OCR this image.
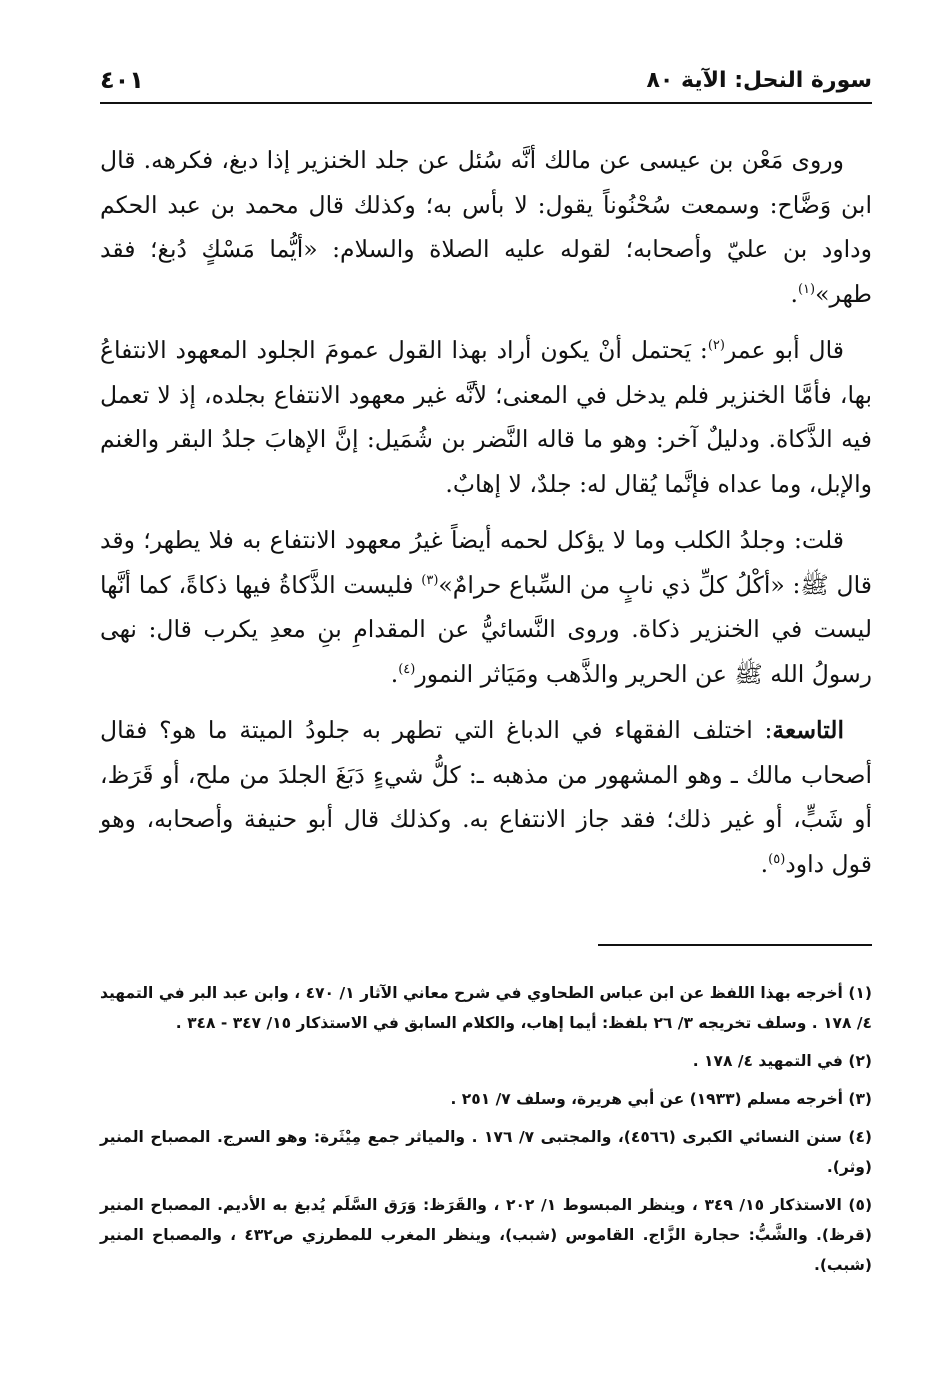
سورة النحل: الآية ٨٠
٤٠١

وروى مَعْن بن عيسى عن مالك أنَّه سُئل عن جلد الخنزير إذا دبغ، فكرهه. قال ابن وَضَّاح: وسمعت سُحْنُوناً يقول: لا بأس به؛ وكذلك قال محمد بن عبد الحكم وداود بن عليّ وأصحابه؛ لقوله عليه الصلاة والسلام: «أيُّما مَسْكٍ دُبغ؛ فقد طهر»$^{(١)}$.

قال أبو عمر$^{(٢)}$: يَحتمل أنْ يكون أراد بهذا القول عمومَ الجلود المعهود الانتفاعُ بها، فأمَّا الخنزير فلم يدخل في المعنى؛ لأنَّه غير معهود الانتفاع بجلده، إذ لا تعمل فيه الذَّكاة. ودليلٌ آخر: وهو ما قاله النَّضر بن شُمَيل: إنَّ الإهابَ جلدُ البقر والغنم والإبل، وما عداه فإنَّما يُقال له: جلدٌ، لا إهابٌ.

قلت: وجلدُ الكلب وما لا يؤكل لحمه أيضاً غيرُ معهود الانتفاع به فلا يطهر؛ وقد قال ﷺ: «أكْلُ كلِّ ذي نابٍ من السِّباع حرامٌ»$^{(٣)}$ فليست الذَّكاةُ فيها ذكاةً، كما أنَّها ليست في الخنزير ذكاة. وروى النَّسائيُّ عن المقدامِ بنِ معدِ يكرب قال: نهى رسولُ الله ﷺ عن الحرير والذَّهب ومَيَاثر النمور$^{(٤)}$.

التاسعة: اختلف الفقهاء في الدباغ التي تطهر به جلودُ الميتة ما هو؟ فقال أصحاب مالك ـ وهو المشهور من مذهبه ـ: كلُّ شيءٍ دَبَغَ الجلدَ من ملح، أو قَرَظ، أو شَبٍّ، أو غير ذلك؛ فقد جاز الانتفاع به. وكذلك قال أبو حنيفة وأصحابه، وهو قول داود$^{(٥)}$.

(١) أخرجه بهذا اللفظ عن ابن عباس الطحاوي في شرح معاني الآثار ١/ ٤٧٠ ، وابن عبد البر في التمهيد ٤/ ١٧٨ . وسلف تخريجه ٣/ ٢٦ بلفظ: أيما إهاب، والكلام السابق في الاستذكار ١٥/ ٣٤٧ - ٣٤٨ .

(٢) في التمهيد ٤/ ١٧٨ .

(٣) أخرجه مسلم (١٩٣٣) عن أبي هريرة، وسلف ٧/ ٢٥١ .

(٤) سنن النسائي الكبرى (٤٥٦٦)، والمجتبى ٧/ ١٧٦ . والمياثر جمع مِيْثَرة: وهو السرج. المصباح المنير (وثر).

(٥) الاستذكار ١٥/ ٣٤٩ ، وينظر المبسوط ١/ ٢٠٢ ، والقَرَظ: وَرَق السَّلَم يُدبغ به الأديم. المصباح المنير (قرظ). والشَّبُّ: حجارة الزَّاج. القاموس (شبب)، وينظر المغرب للمطرزي ص٤٣٢ ، والمصباح المنير (شبب).
